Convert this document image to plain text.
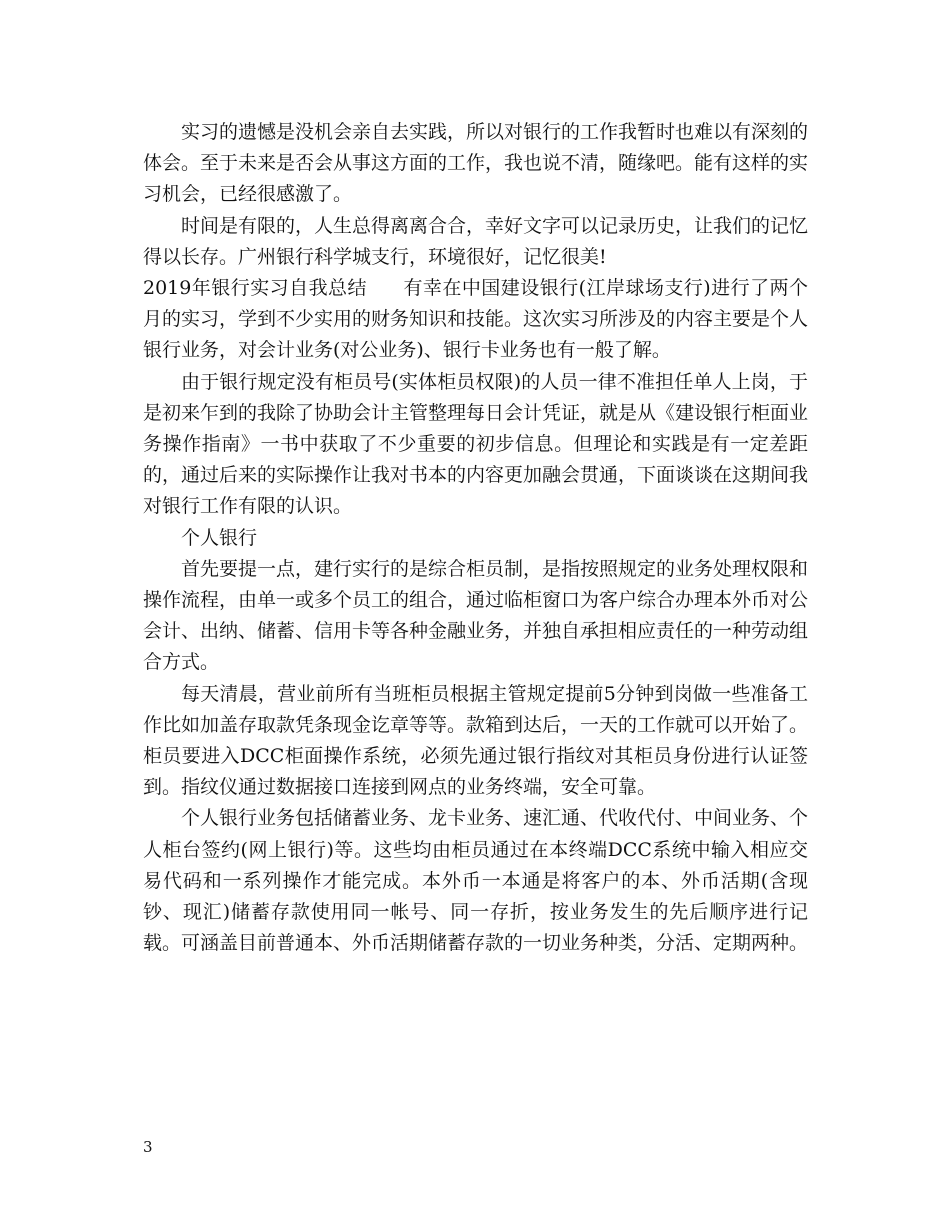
实习的遗憾是没机会亲自去实践，所以对银行的工作我暂时也难以有深刻的体会。至于未来是否会从事这方面的工作，我也说不清，随缘吧。能有这样的实习机会，已经很感激了。

时间是有限的，人生总得离离合合，幸好文字可以记录历史，让我们的记忆得以长存。广州银行科学城支行，环境很好，记忆很美!

2019年银行实习自我总结 有幸在中国建设银行(江岸球场支行)进行了两个月的实习，学到不少实用的财务知识和技能。这次实习所涉及的内容主要是个人银行业务，对会计业务(对公业务)、银行卡业务也有一般了解。

由于银行规定没有柜员号(实体柜员权限)的人员一律不准担任单人上岗，于是初来乍到的我除了协助会计主管整理每日会计凭证，就是从《建设银行柜面业务操作指南》一书中获取了不少重要的初步信息。但理论和实践是有一定差距的，通过后来的实际操作让我对书本的内容更加融会贯通，下面谈谈在这期间我对银行工作有限的认识。

个人银行

首先要提一点，建行实行的是综合柜员制，是指按照规定的业务处理权限和操作流程，由单一或多个员工的组合，通过临柜窗口为客户综合办理本外币对公会计、出纳、储蓄、信用卡等各种金融业务，并独自承担相应责任的一种劳动组合方式。

每天清晨，营业前所有当班柜员根据主管规定提前5分钟到岗做一些准备工作比如加盖存取款凭条现金讫章等等。款箱到达后，一天的工作就可以开始了。柜员要进入DCC柜面操作系统，必须先通过银行指纹对其柜员身份进行认证签到。指纹仪通过数据接口连接到网点的业务终端，安全可靠。

个人银行业务包括储蓄业务、龙卡业务、速汇通、代收代付、中间业务、个人柜台签约(网上银行)等。这些均由柜员通过在本终端DCC系统中输入相应交易代码和一系列操作才能完成。本外币一本通是将客户的本、外币活期(含现钞、现汇)储蓄存款使用同一帐号、同一存折，按业务发生的先后顺序进行记载。可涵盖目前普通本、外币活期储蓄存款的一切业务种类，分活、定期两种。

3
